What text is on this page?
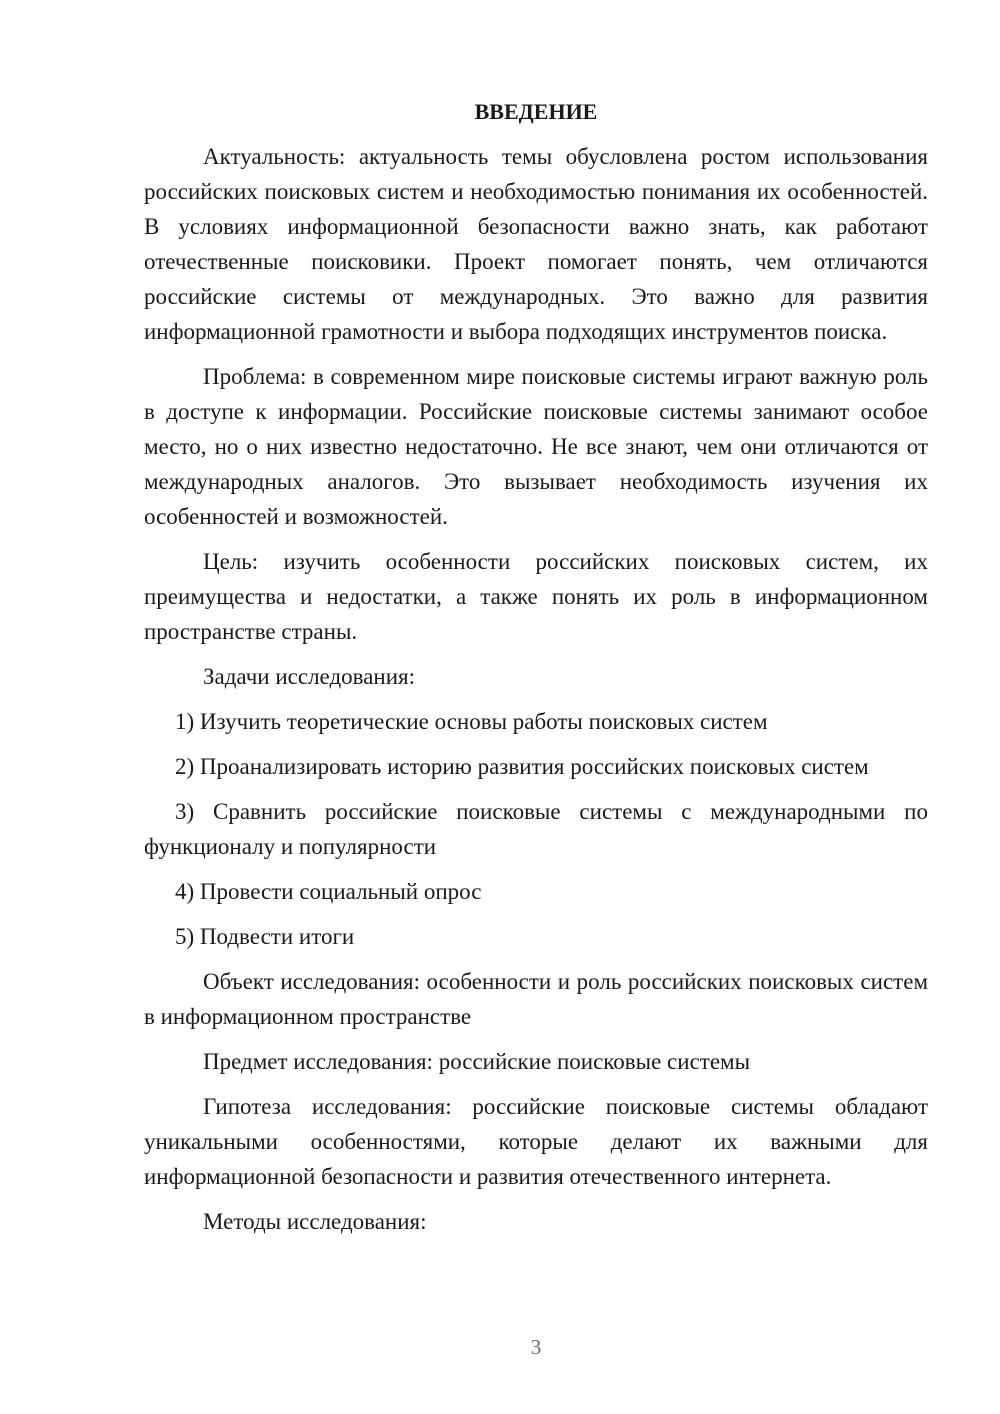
ВВЕДЕНИЕ

Актуальность: актуальность темы обусловлена ростом использования российских поисковых систем и необходимостью понимания их особенностей. В условиях информационной безопасности важно знать, как работают отечественные поисковики. Проект помогает понять, чем отличаются российские системы от международных. Это важно для развития информационной грамотности и выбора подходящих инструментов поиска.

Проблема: в современном мире поисковые системы играют важную роль в доступе к информации. Российские поисковые системы занимают особое место, но о них известно недостаточно. Не все знают, чем они отличаются от международных аналогов. Это вызывает необходимость изучения их особенностей и возможностей.

Цель: изучить особенности российских поисковых систем, их преимущества и недостатки, а также понять их роль в информационном пространстве страны.

Задачи исследования:

1) Изучить теоретические основы работы поисковых систем

2) Проанализировать историю развития российских поисковых систем

3) Сравнить российские поисковые системы с международными по функционалу и популярности

4) Провести социальный опрос

5) Подвести итоги

Объект исследования: особенности и роль российских поисковых систем в информационном пространстве

Предмет исследования: российские поисковые системы

Гипотеза исследования: российские поисковые системы обладают уникальными особенностями, которые делают их важными для информационной безопасности и развития отечественного интернета.

Методы исследования:

3
